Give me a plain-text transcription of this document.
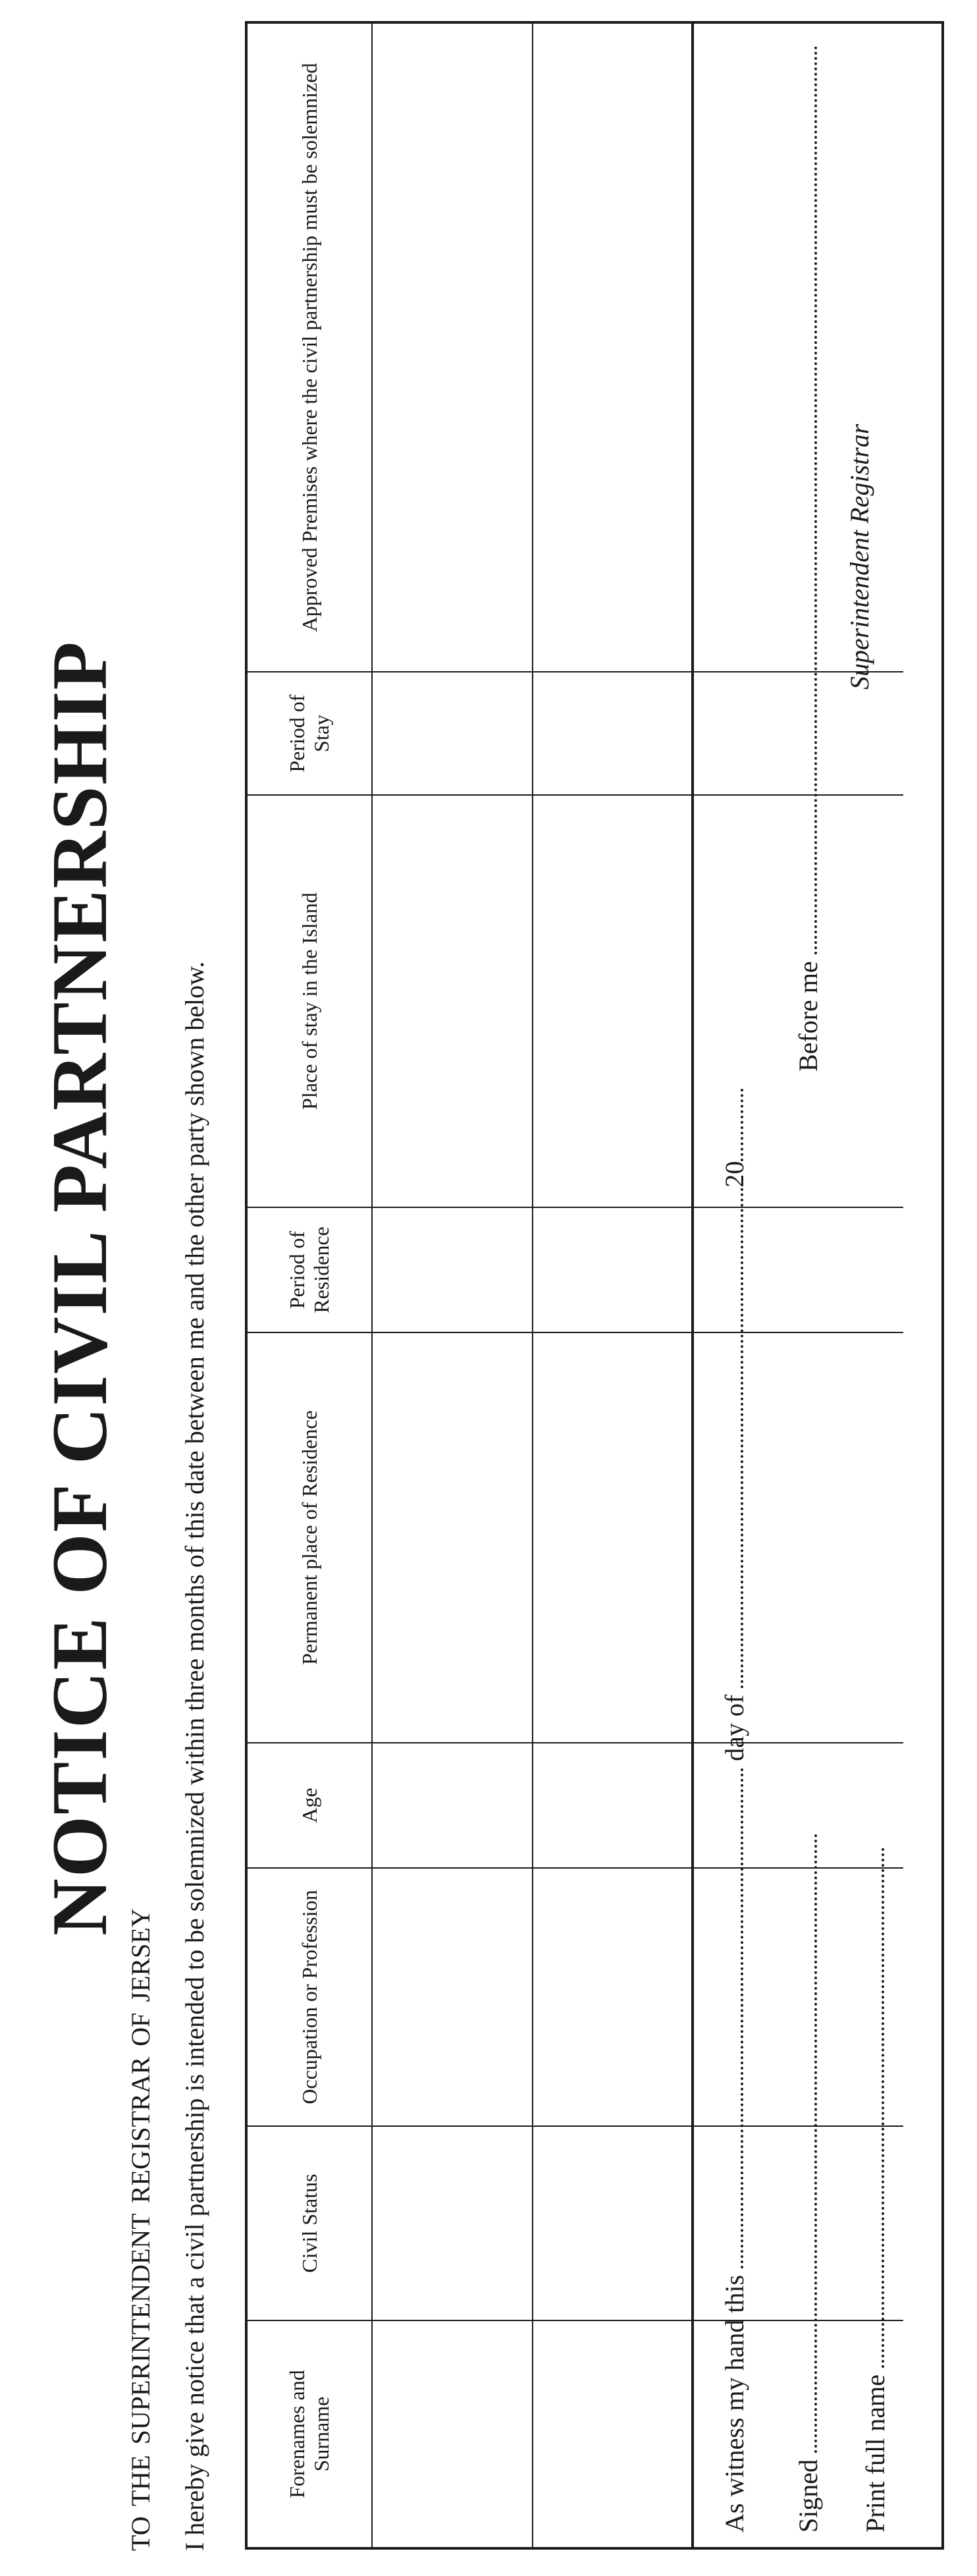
NOTICE OF CIVIL PARTNERSHIP
TO THE SUPERINTENDENT REGISTRAR OF JERSEY I hereby give notice that a civil partnership is intended to be solemnized within three months of this date between me and the other party shown below.	Forenames and Surname
Civil Status
Occupation or Profession
Age
Permanent place of Residence
Period of Residence
Place of stay in the Island
Period of Stay
Approved Premises where the civil partnership must be solemnized
As witness my hand this  day of 20
Signed
Before me
Print full name
Superintendent Registrar
